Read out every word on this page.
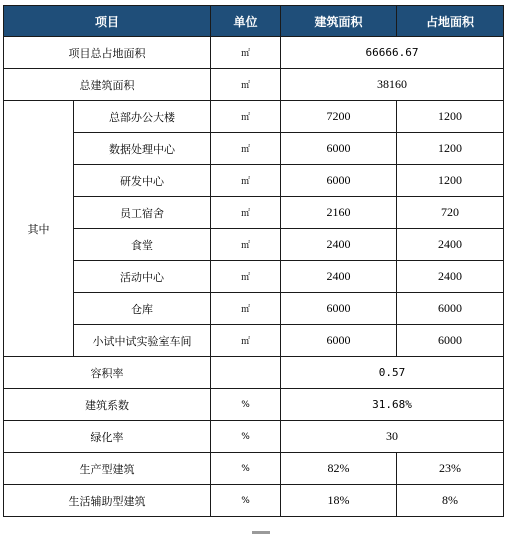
项目		单位	建筑面积	占地面积
项目总占地面积		㎡	66666.67	
总建筑面积		㎡	38160	
其中	总部办公大楼	㎡	7200	1200
	数据处理中心	㎡	6000	1200
	研发中心	㎡	6000	1200
	员工宿舍	㎡	2160	720
	食堂	㎡	2400	2400
	活动中心	㎡	2400	2400
	仓库	㎡	6000	6000
	小试中试实验室车间	㎡	6000	6000
容积率			0.57	
建筑系数		%	31.68%	
绿化率		%	30	
生产型建筑		%	82%	23%
生活辅助型建筑		%	18%	8%
